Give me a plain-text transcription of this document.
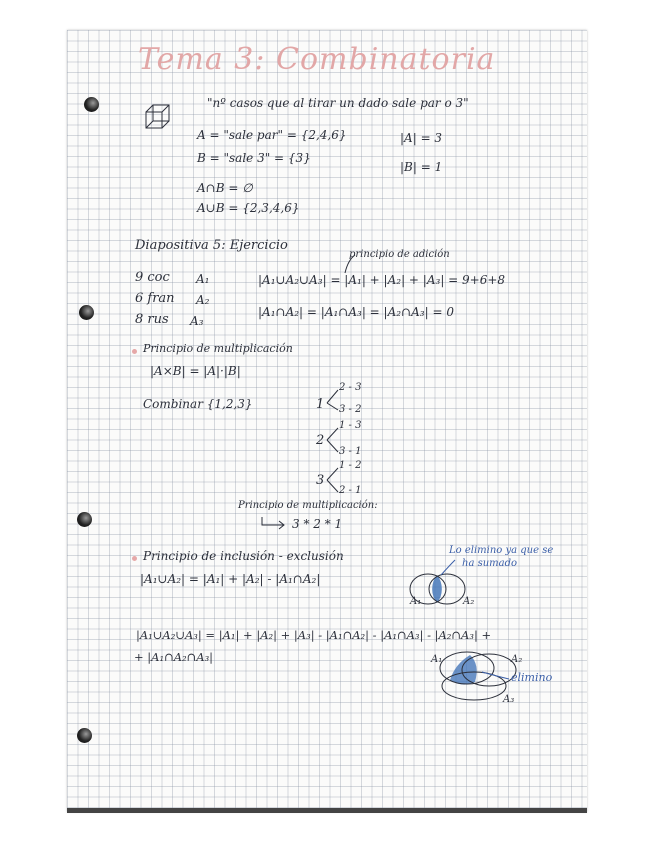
Tema 3: Combinatoria
"nº casos que al tirar un dado sale par o 3"
A = "sale par" = {2,4,6}
B = "sale 3" = {3}
|A| = 3
|B| = 1
A∩B = ∅
A∪B = {2,3,4,6}
Diapositiva 5: Ejercicio
principio de adición
9 coc A₁
6 fran A₂
8 rus A₃
|A₁∪A₂∪A₃| = |A₁| + |A₂| + |A₃| = 9+6+8
|A₁∩A₂| = |A₁∩A₃| = |A₂∩A₃| = 0
Principio de multiplicación
|A×B| = |A|·|B|
Combinar {1,2,3}	1
2 - 3
3 - 2
2
1 - 3
3 - 1
3
1 - 2
2 - 1
Principio de multiplicación:
3 * 2 * 1
Principio de inclusión - exclusión
|A₁∪A₂| = |A₁| + |A₂| - |A₁∩A₂|
Lo elimino ya que se
ha sumado
A₁	A₂
|A₁∪A₂∪A₃| = |A₁| + |A₂| + |A₃| - |A₁∩A₂| - |A₁∩A₃| - |A₂∩A₃| +
+ |A₁∩A₂∩A₃|	A₁	A₂
A₃
elimino
